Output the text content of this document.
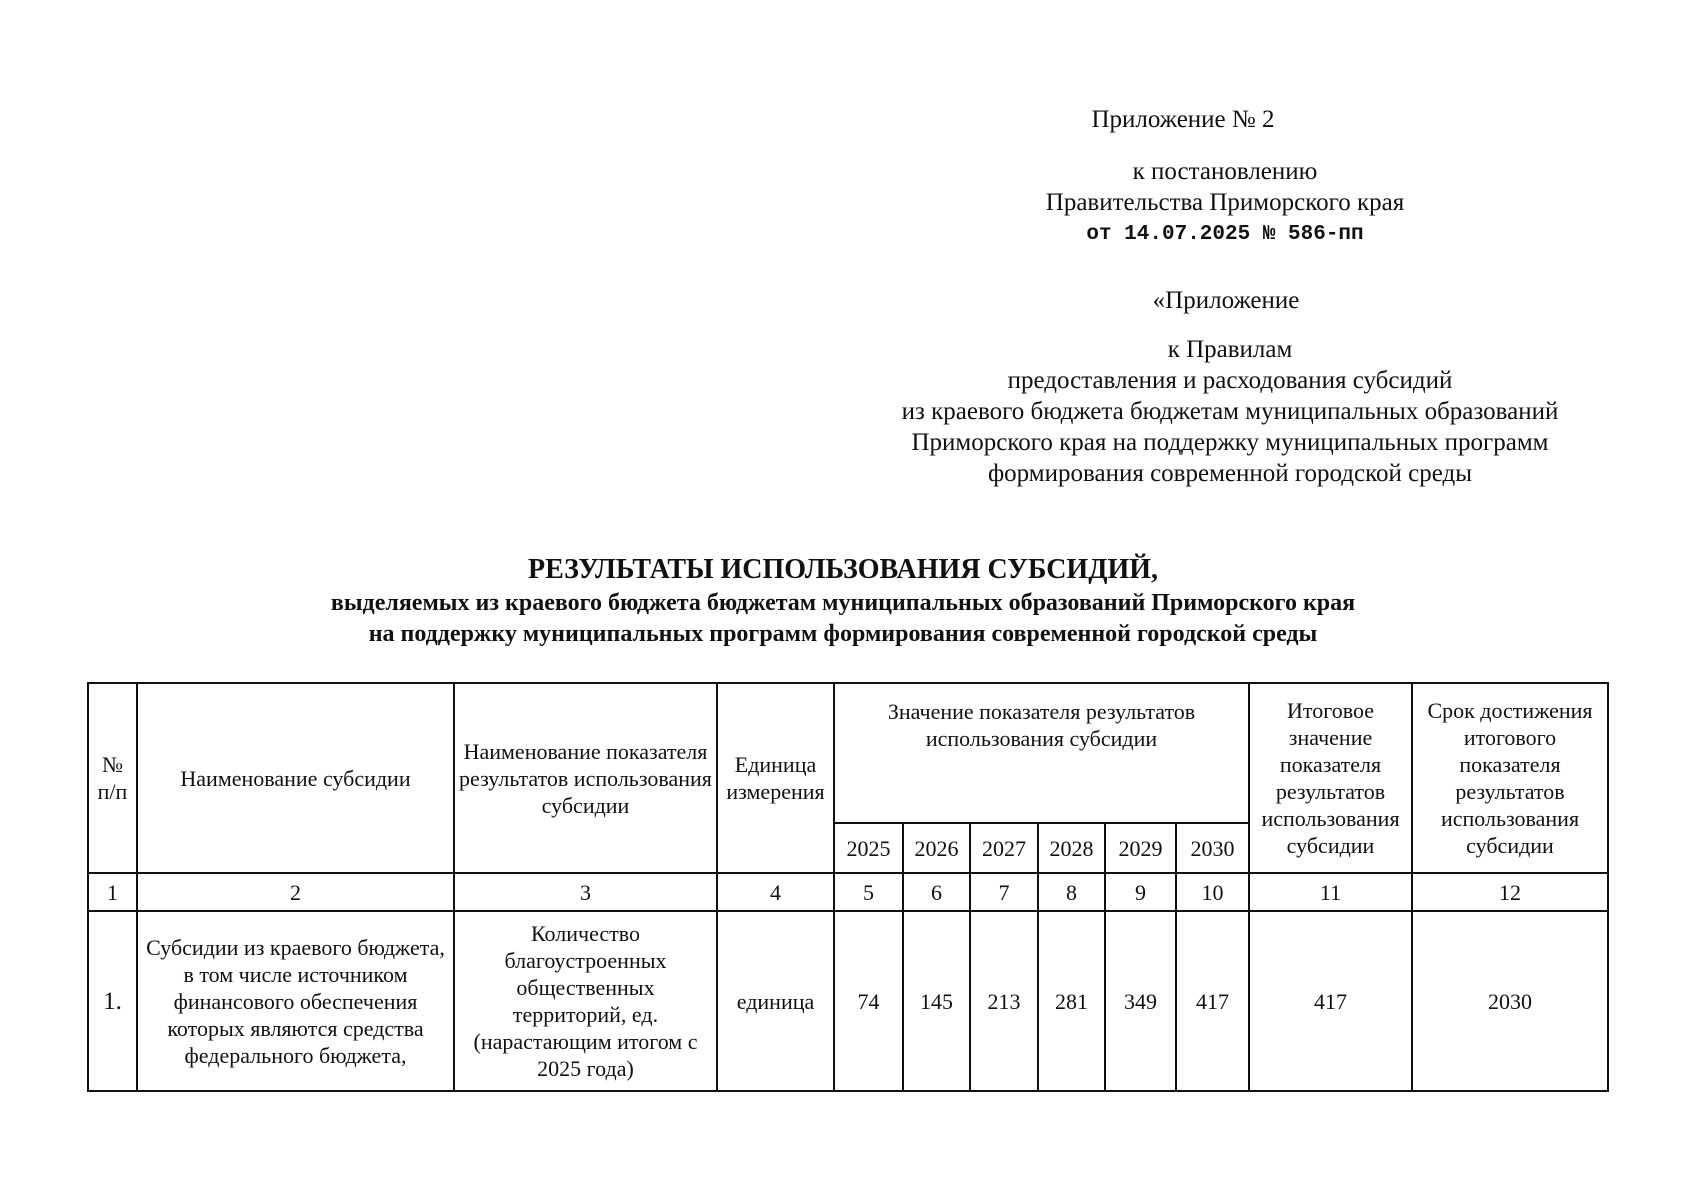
Приложение № 2
к постановлению
Правительства Приморского края
от 14.07.2025 № 586-пп
«Приложение
к Правилам
предоставления и расходования субсидий
из краевого бюджета бюджетам муниципальных образований
Приморского края на поддержку муниципальных программ
формирования современной городской среды
РЕЗУЛЬТАТЫ ИСПОЛЬЗОВАНИЯ СУБСИДИЙ,
выделяемых из краевого бюджета бюджетам муниципальных образований Приморского края
на поддержку муниципальных программ формирования современной городской среды
№ п/п	Наименование субсидии	Наименование показателя результатов использования субсидии	Единица измерения	Значение показателя результатов использования субсидии						Итоговое значение показателя результатов использования субсидии	Срок достижения итогового показателя результатов использования субсидии
				2025	2026	2027	2028	2029	2030		
1	2	3	4	5	6	7	8	9	10	11	12
1.	Субсидии из краевого бюджета, в том числе источником финансового обеспечения которых являются средства федерального бюджета,	Количество благоустроенных общественных территорий, ед. (нарастающим итогом с 2025 года)	единица	74	145	213	281	349	417	417	2030
